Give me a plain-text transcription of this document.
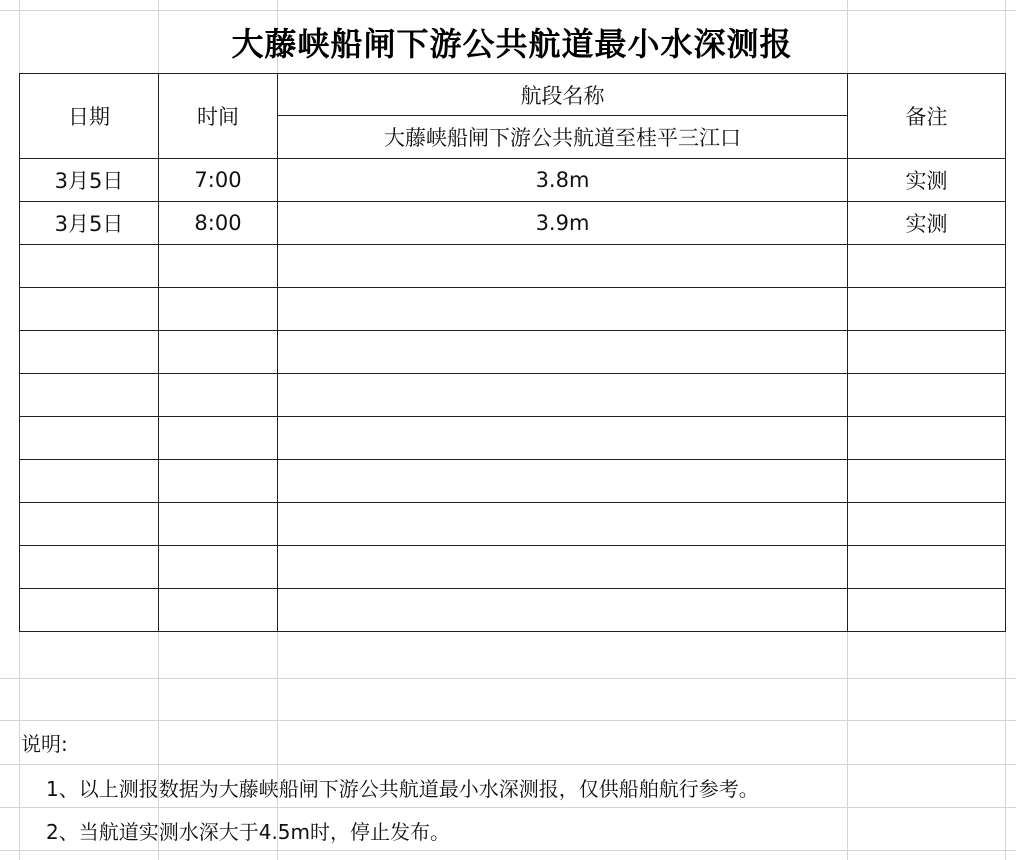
大藤峡船闸下游公共航道最小水深测报
日期	时间	航段名称	备注
		大藤峡船闸下游公共航道至桂平三江口	
3月5日	7:00	3.8m	实测
3月5日	8:00	3.9m	实测

说明:
1、以上测报数据为大藤峡船闸下游公共航道最小水深测报，仅供船舶航行参考。
2、当航道实测水深大于4.5m时，停止发布。
